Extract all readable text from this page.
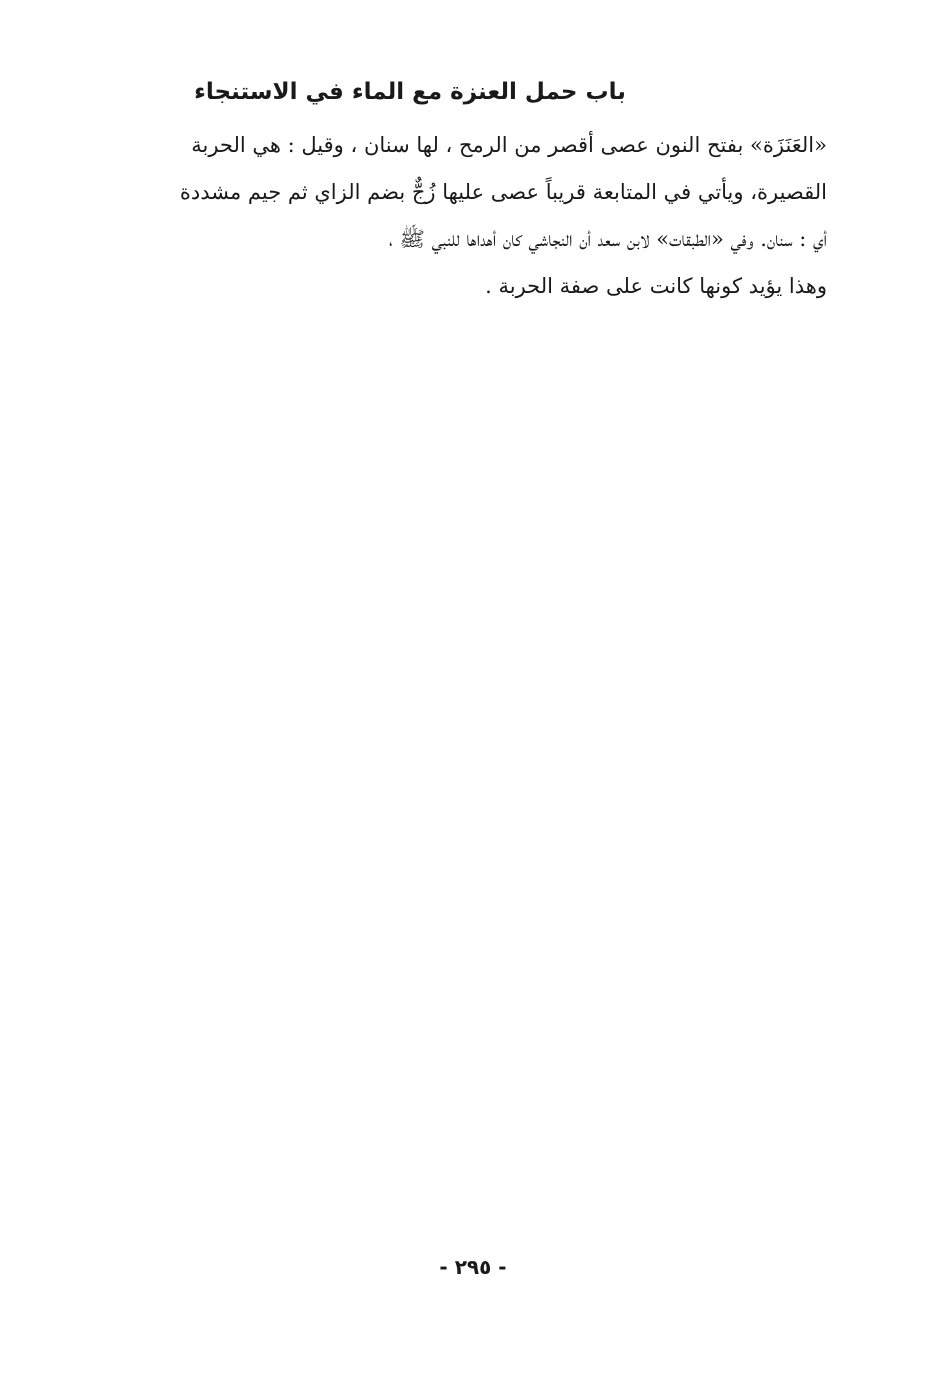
باب حمل العنزة مع الماء في الاستنجاء
«العَنَزَة» بفتح النون عصى أقصر من الرمح ، لها سنان ، وقيل : هي الحربة
القصيرة، ويأتي في المتابعة قريباً عصى عليها زُجٌّ بضم الزاي ثم جيم مشددة
أي : سنان. وفي «الطبقات» لابن سعد أن النجاشي كان أهداها للنبي ﷺ ،
وهذا يؤيد كونها كانت على صفة الحربة .
- ٢٩٥ -
